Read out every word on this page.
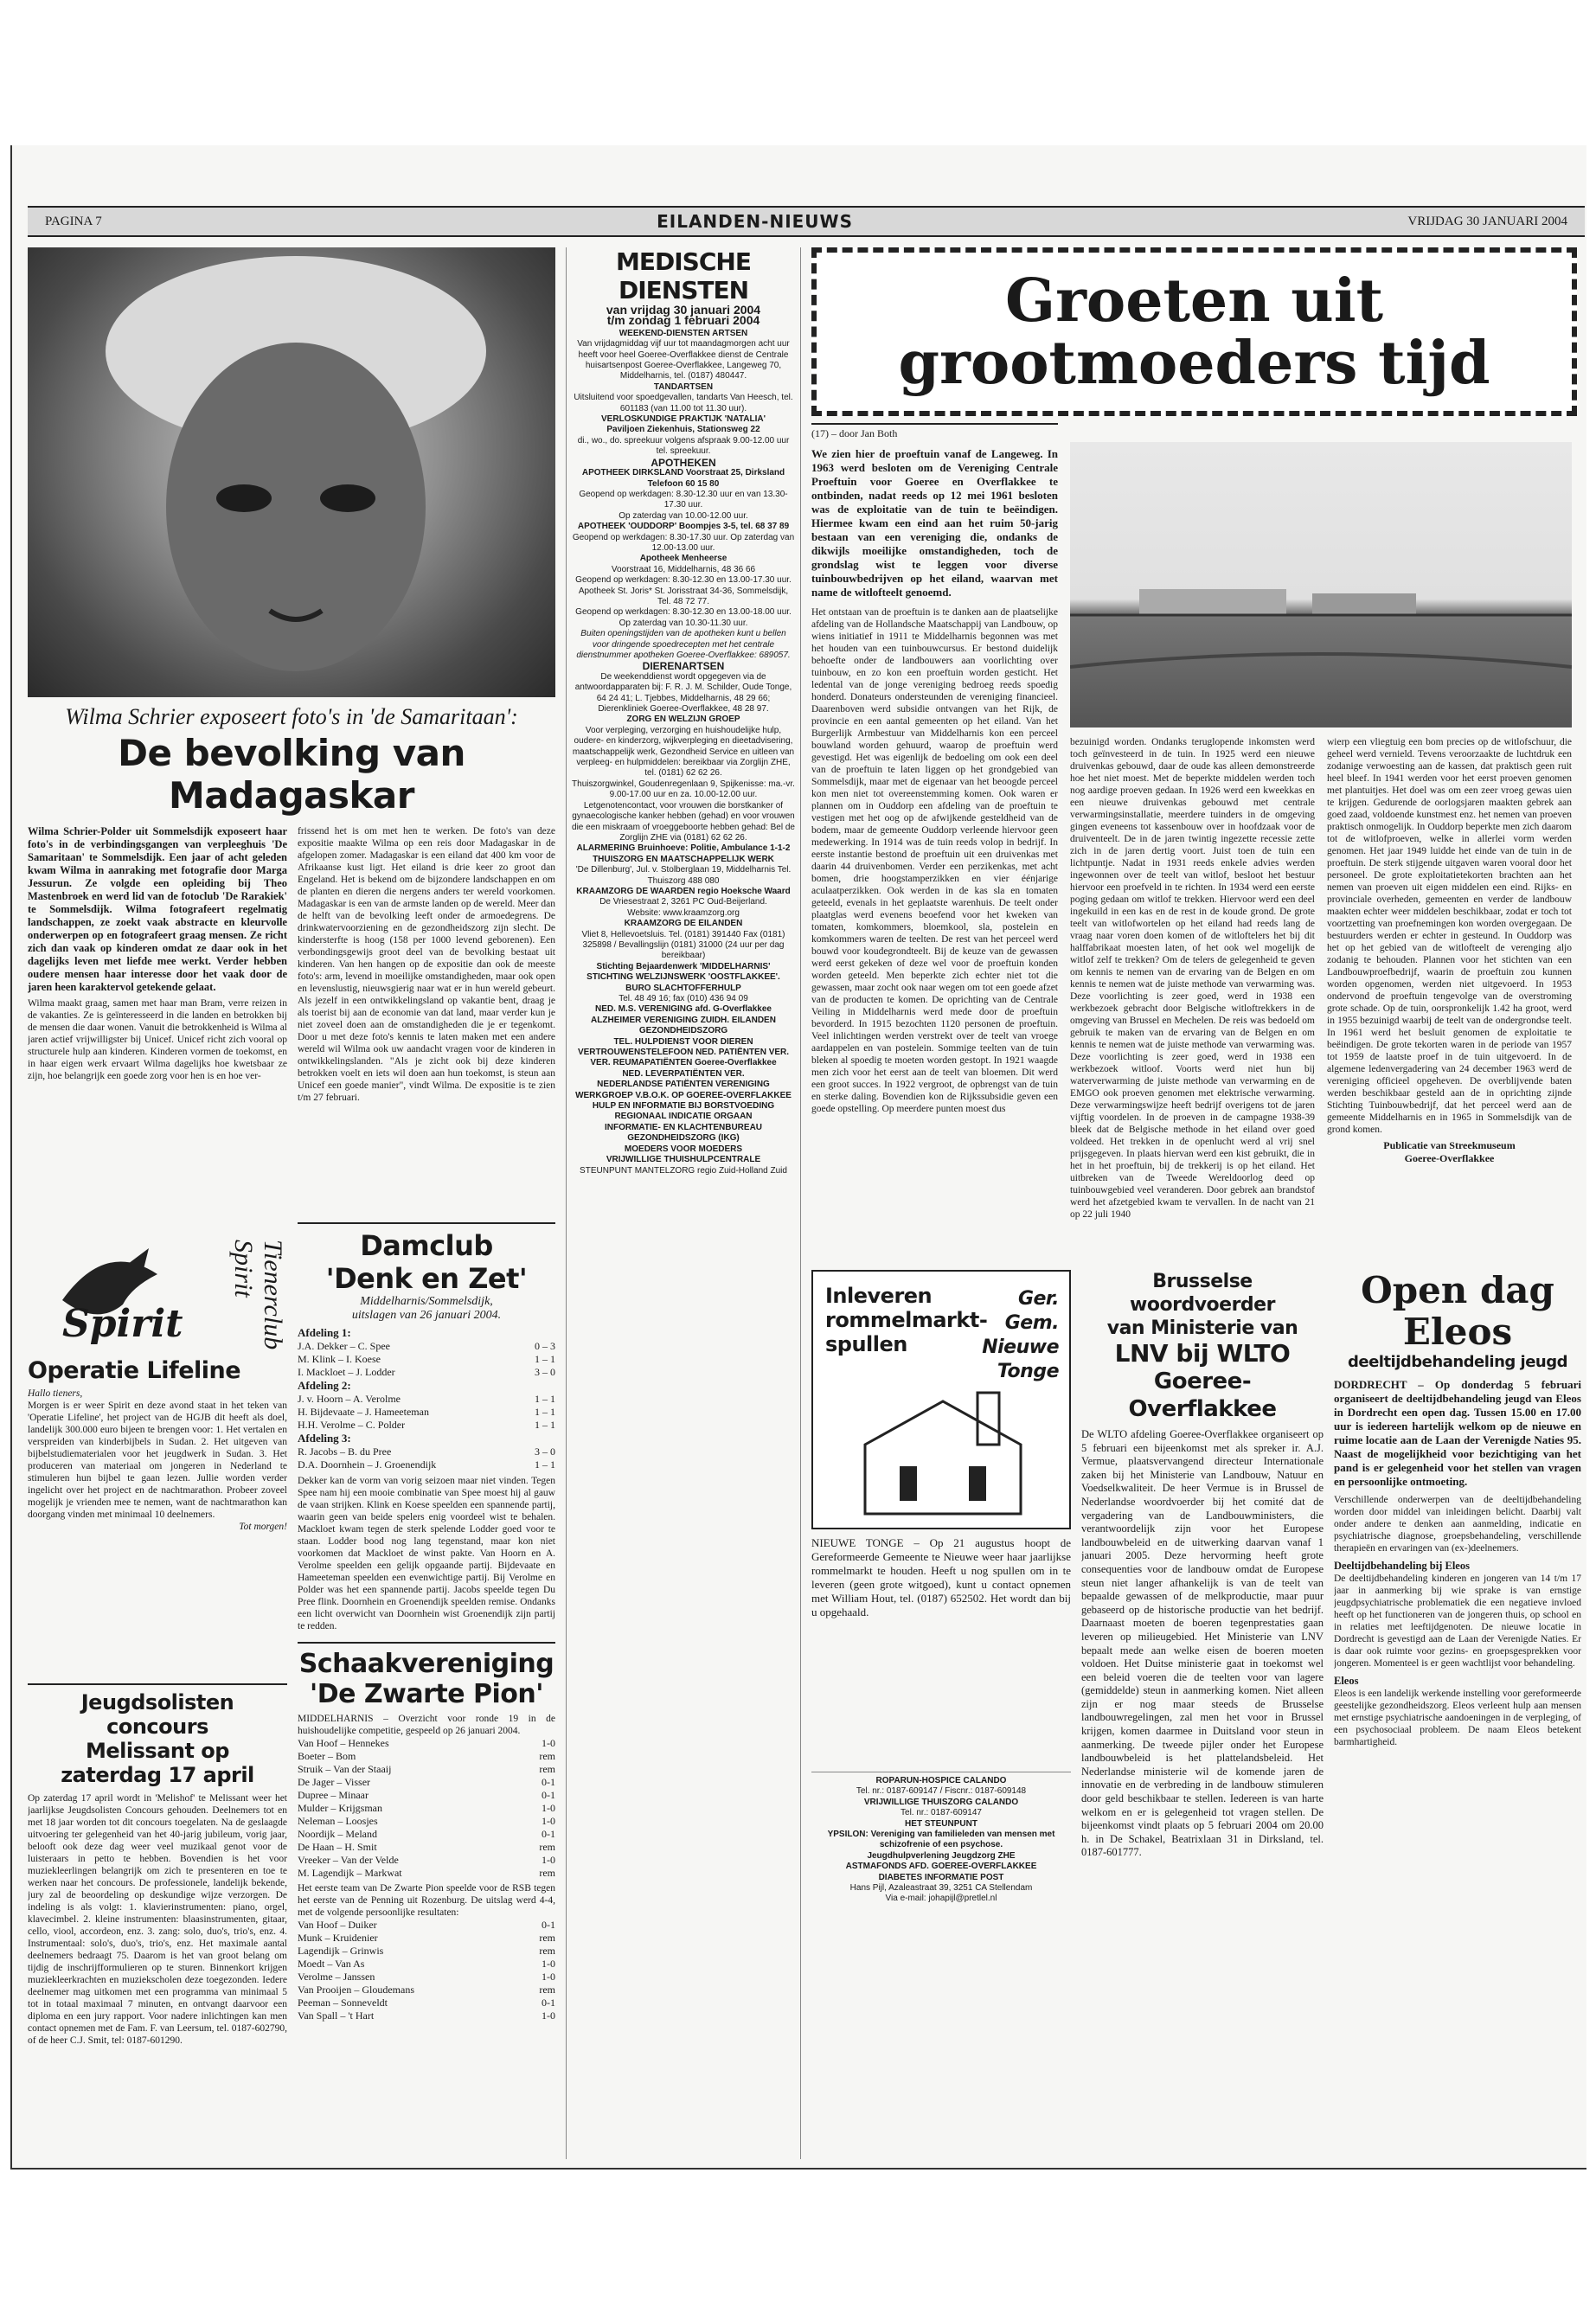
PAGINA 7	EILANDEN-NIEUWS	VRIJDAG 30 JANUARI 2004
Wilma Schrier exposeert foto's in 'de Samaritaan':
De bevolking van Madagaskar
Wilma Schrier-Polder uit Sommelsdijk exposeert haar foto's in de verbindingsgangen van verpleeghuis 'De Samaritaan' te Sommelsdijk. Een jaar of acht geleden kwam Wilma in aanraking met fotografie door Marga Jessurun. Ze volgde een opleiding bij Theo Mastenbroek en werd lid van de fotoclub 'De Rarakiek' te Sommelsdijk. Wilma fotografeert regelmatig landschappen, ze zoekt vaak abstracte en kleurvolle onderwerpen op en fotografeert graag mensen. Ze richt zich dan vaak op kinderen omdat ze daar ook in het dagelijks leven met liefde mee werkt. Verder hebben oudere mensen haar interesse door het vaak door de jaren heen karaktervol getekende gelaat.
Wilma maakt graag, samen met haar man Bram, verre reizen in de vakanties. Ze is geïnteresseerd in die landen en betrokken bij de mensen die daar wonen. Vanuit die betrokkenheid is Wilma al jaren actief vrijwilligster bij Unicef. Unicef richt zich vooral op structurele hulp aan kinderen. Kinderen vormen de toekomst, en in haar eigen werk ervaart Wilma dagelijks hoe kwetsbaar ze zijn, hoe belangrijk een goede zorg voor hen is en hoe ver-
frissend het is om met hen te werken. De foto's van deze expositie maakte Wilma op een reis door Madagaskar in de afgelopen zomer. Madagaskar is een eiland dat 400 km voor de Afrikaanse kust ligt. Het eiland is drie keer zo groot dan Engeland. Het is bekend om de bijzondere landschappen en om de planten en dieren die nergens anders ter wereld voorkomen. Madagaskar is een van de armste landen op de wereld. Meer dan de helft van de bevolking leeft onder de armoedegrens. De drinkwatervoorziening en de gezondheidszorg zijn slecht. De kindersterfte is hoog (158 per 1000 levend geborenen). Een verbondingsgewijs groot deel van de bevolking bestaat uit kinderen. Van hen hangen op de expositie dan ook de meeste foto's: arm, levend in moeilijke omstandigheden, maar ook open en levenslustig, nieuwsgierig naar wat er in hun wereld gebeurt. Als jezelf in een ontwikkelingsland op vakantie bent, draag je als toerist bij aan de economie van dat land, maar verder kun je niet zoveel doen aan de omstandigheden die je er tegenkomt. Door u met deze foto's kennis te laten maken met een andere wereld wil Wilma ook uw aandacht vragen voor de kinderen in ontwikkelingslanden. "Als je zicht ook bij deze kinderen betrokken voelt en iets wil doen aan hun toekomst, is steun aan Unicef een goede manier", vindt Wilma. De expositie is te zien t/m 27 februari.
Spirit	Tienerclub Spirit
Operatie Lifeline
Hallo tieners,
Morgen is er weer Spirit en deze avond staat in het teken van 'Operatie Lifeline', het project van de HGJB dit heeft als doel, landelijk 300.000 euro bijeen te brengen voor: 1. Het vertalen en verspreiden van kinderbijbels in Sudan. 2. Het uitgeven van bijbelstudiematerialen voor het jeugdwerk in Sudan. 3. Het produceren van materiaal om jongeren in Nederland te stimuleren hun bijbel te gaan lezen. Jullie worden verder ingelicht over het project en de nachtmarathon. Probeer zoveel mogelijk je vrienden mee te nemen, want de nachtmarathon kan doorgang vinden met minimaal 10 deelnemers.
Tot morgen!
Jeugdsolisten concours
Melissant op
zaterdag 17 april
Op zaterdag 17 april wordt in 'Melishof' te Melissant weer het jaarlijkse Jeugdsolisten Concours gehouden. Deelnemers tot en met 18 jaar worden tot dit concours toegelaten. Na de geslaagde uitvoering ter gelegenheid van het 40-jarig jubileum, vorig jaar, belooft ook deze dag weer veel muzikaal genot voor de luisteraars in petto te hebben. Bovendien is het voor muziekleerlingen belangrijk om zich te presenteren en toe te werken naar het concours. De professionele, landelijk bekende, jury zal de beoordeling op deskundige wijze verzorgen. De indeling is als volgt: 1. klavierinstrumenten: piano, orgel, klavecimbel. 2. kleine instrumenten: blaasinstrumenten, gitaar, cello, viool, accordeon, enz. 3. zang: solo, duo's, trio's, enz. 4. Instrumentaal: solo's, duo's, trio's, enz. Het maximale aantal deelnemers bedraagt 75. Daarom is het van groot belang om tijdig de inschrijfformulieren op te sturen. Binnenkort krijgen muziekleerkrachten en muziekscholen deze toegezonden. Iedere deelnemer mag uitkomen met een programma van minimaal 5 tot in totaal maximaal 7 minuten, en ontvangt daarvoor een diploma en een jury rapport. Voor nadere inlichtingen kan men contact opnemen met de Fam. F. van Leersum, tel. 0187-602790, of de heer C.J. Smit, tel: 0187-601290.
Damclub
'Denk en Zet'
Middelharnis/Sommelsdijk,
uitslagen van 26 januari 2004.
Afdeling 1:
J.A. Dekker – C. Spee	0 – 3
M. Klink – I. Koese	1 – 1
I. Mackloet – J. Lodder	3 – 0
Afdeling 2:
J. v. Hoorn – A. Verolme	1 – 1
H. Bijdevaate – J. Hameeteman	1 – 1
H.H. Verolme – C. Polder	1 – 1
Afdeling 3:
R. Jacobs – B. du Pree	3 – 0
D.A. Doornhein – J. Groenendijk	1 – 1
Dekker kan de vorm van vorig seizoen maar niet vinden. Tegen Spee nam hij een mooie combinatie van Spee moest hij al gauw de vaan strijken. Klink en Koese speelden een spannende partij, waarin geen van beide spelers enig voordeel wist te behalen. Mackloet kwam tegen de sterk spelende Lodder goed voor te staan. Lodder bood nog lang tegenstand, maar kon niet voorkomen dat Mackloet de winst pakte. Van Hoorn en A. Verolme speelden een gelijk opgaande partij. Bijdevaate en Hameeteman speelden een evenwichtige partij. Bij Verolme en Polder was het een spannende partij. Jacobs speelde tegen Du Pree flink. Doornhein en Groenendijk speelden remise. Ondanks een licht overwicht van Doornhein wist Groenendijk zijn partij te redden.
Schaakvereniging
'De Zwarte Pion'
MIDDELHARNIS – Overzicht voor ronde 19 in de huishoudelijke competitie, gespeeld op 26 januari 2004.
Van Hoof – Hennekes	1-0
Boeter – Bom	rem
Struik – Van der Staaij	rem
De Jager – Visser	0-1
Dupree – Minaar	0-1
Mulder – Krijgsman	1-0
Neleman – Loosjes	1-0
Noordijk – Meland	0-1
De Haan – H. Smit	rem
Vreeker – Van der Velde	1-0
M. Lagendijk – Markwat	rem
Het eerste team van De Zwarte Pion speelde voor de RSB tegen het eerste van de Penning uit Rozenburg. De uitslag werd 4-4, met de volgende persoonlijke resultaten:
Van Hoof – Duiker	0-1
Munk – Kruidenier	rem
Lagendijk – Grinwis	rem
Moedt – Van As	1-0
Verolme – Janssen	1-0
Van Prooijen – Gloudemans	rem
Peeman – Sonneveldt	0-1
Van Spall – 't Hart	1-0
MEDISCHE DIENSTEN
van vrijdag 30 januari 2004
t/m zondag 1 februari 2004
WEEKEND-DIENSTEN ARTSEN
Van vrijdagmiddag vijf uur tot maandagmorgen acht uur heeft voor heel Goeree-Overflakkee dienst de Centrale huisartsenpost Goeree-Overflakkee, Langeweg 70, Middelharnis, tel. (0187) 480447.
TANDARTSEN
Uitsluitend voor spoedgevallen, tandarts Van Heesch, tel. 601183 (van 11.00 tot 11.30 uur).
VERLOSKUNDIGE PRAKTIJK 'NATALIA'
Paviljoen Ziekenhuis, Stationsweg 22
di., wo., do. spreekuur volgens afspraak 9.00-12.00 uur tel. spreekuur.
APOTHEKEN
APOTHEEK DIRKSLAND Voorstraat 25, Dirksland
Telefoon 60 15 80
Geopend op werkdagen: 8.30-12.30 uur en van 13.30-17.30 uur.
Op zaterdag van 10.00-12.00 uur.
APOTHEEK 'OUDDORP' Boompjes 3-5, tel. 68 37 89
Geopend op werkdagen: 8.30-17.30 uur. Op zaterdag van 12.00-13.00 uur.
Apotheek Menheerse
Voorstraat 16, Middelharnis, 48 36 66
Geopend op werkdagen: 8.30-12.30 en 13.00-17.30 uur.
Apotheek St. Joris* St. Jorisstraat 34-36, Sommelsdijk, Tel. 48 72 77.
Geopend op werkdagen: 8.30-12.30 en 13.00-18.00 uur.
Op zaterdag van 10.30-11.30 uur.
Buiten openingstijden van de apotheken kunt u bellen voor dringende spoedrecepten met het centrale dienstnummer apotheken Goeree-Overflakkee: 689057.
DIERENARTSEN
De weekenddienst wordt opgegeven via de antwoordapparaten bij: F. R. J. M. Schilder, Oude Tonge, 64 24 41; L. Tjebbes, Middelharnis, 48 29 66; Dierenkliniek Goeree-Overflakkee, 48 28 97.
ZORG EN WELZIJN GROEP
Voor verpleging, verzorging en huishoudelijke hulp, oudere- en kinderzorg, wijkverpleging en dieetadvisering, maatschappelijk werk, Gezondheid Service en uitleen van verpleeg- en hulpmiddelen: bereikbaar via Zorglijn ZHE, tel. (0181) 62 62 26.
Thuiszorgwinkel, Goudenregenlaan 9, Spijkenisse: ma.-vr. 9.00-17.00 uur en za. 10.00-12.00 uur.
Letgenotencontact, voor vrouwen die borstkanker of gynaecologische kanker hebben (gehad) en voor vrouwen die een miskraam of vroeggeboorte hebben gehad: Bel de Zorglijn ZHE via (0181) 62 62 26.
ALARMERING Bruinhoeve: Politie, Ambulance 1-1-2
THUISZORG EN MAATSCHAPPELIJK WERK
'De Dillenburg', Jul. v. Stolberglaan 19, Middelharnis Tel. Thuiszorg 488 080
KRAAMZORG DE WAARDEN regio Hoeksche Waard
De Vriesestraat 2, 3261 PC Oud-Beijerland.
Website: www.kraamzorg.org
KRAAMZORG DE EILANDEN
Vliet 8, Hellevoetsluis. Tel. (0181) 391440 Fax (0181) 325898 / Bevallingslijn (0181) 31000 (24 uur per dag bereikbaar)
Stichting Bejaardenwerk 'MIDDELHARNIS'
STICHTING WELZIJNSWERK 'OOSTFLAKKEE'.
BURO SLACHTOFFERHULP
Tel. 48 49 16; fax (010) 436 94 09
NED. M.S. VERENIGING afd. G-Overflakkee
ALZHEIMER VERENIGING ZUIDH. EILANDEN
GEZONDHEIDSZORG
TEL. HULPDIENST VOOR DIEREN
VERTROUWENSTELEFOON NED. PATIËNTEN VER.
VER. REUMAPATIËNTEN Goeree-Overflakkee
NED. LEVERPATIËNTEN VER.
NEDERLANDSE PATIËNTEN VERENIGING
WERKGROEP V.B.O.K. OP GOEREE-OVERFLAKKEE
HULP EN INFORMATIE BIJ BORSTVOEDING
REGIONAAL INDICATIE ORGAAN
INFORMATIE- EN KLACHTENBUREAU GEZONDHEIDSZORG (IKG)
MOEDERS VOOR MOEDERS
VRIJWILLIGE THUISHULPCENTRALE
STEUNPUNT MANTELZORG regio Zuid-Holland Zuid
Groeten uit
grootmoeders tijd
(17) – door Jan Both
We zien hier de proeftuin vanaf de Langeweg. In 1963 werd besloten om de Vereniging Centrale Proeftuin voor Goeree en Overflakkee te ontbinden, nadat reeds op 12 mei 1961 besloten was de exploitatie van de tuin te beëindigen. Hiermee kwam een eind aan het ruim 50-jarig bestaan van een vereniging die, ondanks de dikwijls moeilijke omstandigheden, toch de grondslag wist te leggen voor diverse tuinbouwbedrijven op het eiland, waarvan met name de witlofteelt genoemd.
Het ontstaan van de proeftuin is te danken aan de plaatselijke afdeling van de Hollandsche Maatschappij van Landbouw, op wiens initiatief in 1911 te Middelharnis begonnen was met het houden van een tuinbouwcursus. Er bestond duidelijk behoefte onder de landbouwers aan voorlichting over tuinbouw, en zo kon een proeftuin worden gesticht. Het ledental van de jonge vereniging bedroeg reeds spoedig honderd. Donateurs ondersteunden de vereniging financieel. Daarenboven werd subsidie ontvangen van het Rijk, de provincie en een aantal gemeenten op het eiland. Van het Burgerlijk Armbestuur van Middelharnis kon een perceel bouwland worden gehuurd, waarop de proeftuin werd gevestigd. Het was eigenlijk de bedoeling om ook een deel van de proeftuin te laten liggen op het grondgebied van Sommelsdijk, maar met de eigenaar van het beoogde perceel kon men niet tot overeenstemming komen. Ook waren er plannen om in Ouddorp een afdeling van de proeftuin te vestigen met het oog op de afwijkende gesteldheid van de bodem, maar de gemeente Ouddorp verleende hiervoor geen medewerking. In 1914 was de tuin reeds volop in bedrijf. In eerste instantie bestond de proeftuin uit een druivenkas met daarin 44 druivenbomen. Verder een perzikenkas, met acht bomen, drie hoogstamperzikken en vier éénjarige aculaatperzikken. Ook werden in de kas sla en tomaten geteeld, evenals in het geplaatste warenhuis. De teelt onder plaatglas werd evenens beoefend voor het kweken van tomaten, komkommers, bloemkool, sla, postelein en komkommers waren de teelten. De rest van het perceel werd bouwd voor koudegrondteelt. Bij de keuze van de gewassen werd eerst gekeken of deze wel voor de proeftuin konden worden geteeld. Men beperkte zich echter niet tot die gewassen, maar zocht ook naar wegen om tot een goede afzet van de producten te komen. De oprichting van de Centrale Veiling in Middelharnis werd mede door de proeftuin bevorderd. In 1915 bezochten 1120 personen de proeftuin. Veel inlichtingen werden verstrekt over de teelt van vroege aardappelen en van postelein. Sommige teelten van de tuin bleken al spoedig te moeten worden gestopt. In 1921 waagde men zich voor het eerst aan de teelt van bloemen. Dit werd een groot succes. In 1922 vergroot, de opbrengst van de tuin en sterke daling. Bovendien kon de Rijkssubsidie geven een goede opstelling. Op meerdere punten moest dus
bezuinigd worden. Ondanks teruglopende inkomsten werd toch geïnvesteerd in de tuin. In 1925 werd een nieuwe druivenkas gebouwd, daar de oude kas alleen demonstreerde hoe het niet moest. Met de beperkte middelen werden toch nog aardige proeven gedaan. In 1926 werd een kweekkas en een nieuwe druivenkas gebouwd met centrale verwarmingsinstallatie, meerdere tuinders in de omgeving gingen eveneens tot kassenbouw over in hoofdzaak voor de druiventeelt. De in de jaren twintig ingezette recessie zette zich in de jaren dertig voort. Juist toen de tuin een lichtpuntje. Nadat in 1931 reeds enkele advies werden ingewonnen over de teelt van witlof, besloot het bestuur hiervoor een proefveld in te richten. In 1934 werd een eerste poging gedaan om witlof te trekken. Hiervoor werd een deel ingekuild in een kas en de rest in de koude grond. De grote teelt van witlofwortelen op het eiland had reeds lang de vraag naar voren doen komen of de witloftelers het bij dit halffabrikaat moesten laten, of het ook wel mogelijk de witlof zelf te trekken? Om de telers de gelegenheid te geven om kennis te nemen van de ervaring van de Belgen en om kennis te nemen wat de juiste methode van verwarming was. Deze voorlichting is zeer goed, werd in 1938 een werkbezoek gebracht door Belgische witloftrekkers in de omgeving van Brussel en Mechelen. De reis was bedoeld om gebruik te maken van de ervaring van de Belgen en om kennis te nemen wat de juiste methode van verwarming was. Deze voorlichting is zeer goed, werd in 1938 een werkbezoek witloof. Voorts werd niet hun bij waterverwarming de juiste methode van verwarming en de EMGO ook proeven genomen met elektrische verwarming. Deze verwarmingswijze heeft bedrijf overigens tot de jaren vijftig voordelen. In de proeven in de campagne 1938-39 bleek dat de Belgische methode in het eiland over goed voldeed. Het trekken in de openlucht werd al vrij snel prijsgegeven. In plaats hiervan werd een kist gebruikt, die in het in het proeftuin, bij de trekkerij is op het eiland. Het uitbreken van de Tweede Wereldoorlog deed op tuinbouwgebied veel veranderen. Door gebrek aan brandstof werd het afzetgebied kwam te vervallen. In de nacht van 21 op 22 juli 1940
wierp een vliegtuig een bom precies op de witlofschuur, die geheel werd vernield. Tevens veroorzaakte de luchtdruk een zodanige verwoesting aan de kassen, dat praktisch geen ruit heel bleef. In 1941 werden voor het eerst proeven genomen met plantuitjes. Het doel was om een zeer vroeg gewas uien te krijgen. Gedurende de oorlogsjaren maakten gebrek aan goed zaad, voldoende kunstmest enz. het nemen van proeven praktisch onmogelijk. In Ouddorp beperkte men zich daarom tot de witlofproeven, welke in allerlei vorm werden genomen. Het jaar 1949 luidde het einde van de tuin in de proeftuin. De sterk stijgende uitgaven waren vooral door het personeel. De grote exploitatietekorten brachten aan het nemen van proeven uit eigen middelen een eind. Rijks- en provinciale overheden, gemeenten en verder de landbouw maakten echter weer middelen beschikbaar, zodat er toch tot voortzetting van proefnemingen kon worden overgegaan. De bestuurders werden er echter in gesteund. In Ouddorp was het op het gebied van de witlofteelt de verenging aljo zodanig te behouden. Plannen voor het stichten van een Landbouwproefbedrijf, waarin de proeftuin zou kunnen worden opgenomen, werden niet uitgevoerd. In 1953 ondervond de proeftuin tengevolge van de overstroming grote schade. Op de tuin, oorspronkelijk 1.42 ha groot, werd in 1955 bezuinigd waarbij de teelt van de ondergrondse teelt. In 1961 werd het besluit genomen de exploitatie te beëindigen. De grote tekorten waren in de periode van 1957 tot 1959 de laatste proef in de tuin uitgevoerd. In de algemene ledenvergadering van 24 december 1963 werd de vereniging officieel opgeheven. De overblijvende baten werden beschikbaar gesteld aan de in oprichting zijnde Stichting Tuinbouwbedrijf, dat het perceel werd aan de gemeente Middelharnis en in 1965 in Sommelsdijk van de grond komen.
Publicatie van Streekmuseum
Goeree-Overflakkee
Inleveren rommelmarkt-spullen
Ger. Gem. Nieuwe Tonge
NIEUWE TONGE – Op 21 augustus hoopt de Gereformeerde Gemeente te Nieuwe weer haar jaarlijkse rommelmarkt te houden. Heeft u nog spullen om in te leveren (geen grote witgoed), kunt u contact opnemen met William Hout, tel. (0187) 652502. Het wordt dan bij u opgehaald.
ROPARUN-HOSPICE CALANDO
Tel. nr.: 0187-609147 / Fiscnr.: 0187-609148
VRIJWILLIGE THUISZORG CALANDO
Tel. nr.: 0187-609147
HET STEUNPUNT
YPSILON: Vereniging van familieleden van mensen met schizofrenie of een psychose.
Jeugdhulpverlening Jeugdzorg ZHE
ASTMAFONDS AFD. GOEREE-OVERFLAKKEE
DIABETES INFORMATIE POST
Hans Pijl, Azaleastraat 39, 3251 CA Stellendam
Via e-mail: johapijl@pretlel.nl
Brusselse woordvoerder
van Ministerie van
LNV bij WLTO
Goeree-Overflakkee
De WLTO afdeling Goeree-Overflakkee organiseert op 5 februari een bijeenkomst met als spreker ir. A.J. Vermue, plaatsvervangend directeur Internationale zaken bij het Ministerie van Landbouw, Natuur en Voedselkwaliteit. De heer Vermue is in Brussel de Nederlandse woordvoerder bij het comité dat de vergadering van de Landbouwministers, die verantwoordelijk zijn voor het Europese landbouwbeleid en de uitwerking daarvan vanaf 1 januari 2005. Deze hervorming heeft grote consequenties voor de landbouw omdat de Europese steun niet langer afhankelijk is van de teelt van bepaalde gewassen of de melkproductie, maar puur gebaseerd op de historische productie van het bedrijf. Daarnaast moeten de boeren tegenprestaties gaan leveren op milieugebied. Het Ministerie van LNV bepaalt mede aan welke eisen de boeren moeten voldoen. Het Duitse ministerie gaat in toekomst wel een beleid voeren die de teelten voor van lagere (gemiddelde) steun in aanmerking komen. Niet alleen zijn er nog maar steeds de Brusselse landbouwregelingen, zal men het voor in Brussel krijgen, komen daarmee in Duitsland voor steun in aanmerking. De tweede pijler onder het Europese landbouwbeleid is het plattelandsbeleid. Het Nederlandse ministerie wil de komende jaren de innovatie en de verbreding in de landbouw stimuleren door geld beschikbaar te stellen. Iedereen is van harte welkom en er is gelegenheid tot vragen stellen. De bijeenkomst vindt plaats op 5 februari 2004 om 20.00 h. in De Schakel, Beatrixlaan 31 in Dirksland, tel. 0187-601777.
Open dag
Eleos
deeltijdbehandeling jeugd
DORDRECHT – Op donderdag 5 februari organiseert de deeltijdbehandeling jeugd van Eleos in Dordrecht een open dag. Tussen 15.00 en 17.00 uur is iedereen hartelijk welkom op de nieuwe en ruime locatie aan de Laan der Verenigde Naties 95. Naast de mogelijkheid voor bezichtiging van het pand is er gelegenheid voor het stellen van vragen en persoonlijke ontmoeting.
Verschillende onderwerpen van de deeltijdbehandeling worden door middel van inleidingen belicht. Daarbij valt onder andere te denken aan aanmelding, indicatie en psychiatrische diagnose, groepsbehandeling, verschillende therapieën en ervaringen van (ex-)deelnemers.
Deeltijdbehandeling bij Eleos
De deeltijdbehandeling kinderen en jongeren van 14 t/m 17 jaar in aanmerking bij wie sprake is van ernstige jeugdpsychiatrische problematiek die een negatieve invloed heeft op het functioneren van de jongeren thuis, op school en in relaties met leeftijdgenoten. De nieuwe locatie in Dordrecht is gevestigd aan de Laan der Verenigde Naties. Er is daar ook ruimte voor gezins- en groepsgesprekken voor jongeren. Momenteel is er geen wachtlijst voor behandeling.
Eleos
Eleos is een landelijk werkende instelling voor gereformeerde geestelijke gezondheidszorg. Eleos verleent hulp aan mensen met ernstige psychiatrische aandoeningen in de verpleging, of een psychosociaal probleem. De naam Eleos betekent barmhartigheid.
